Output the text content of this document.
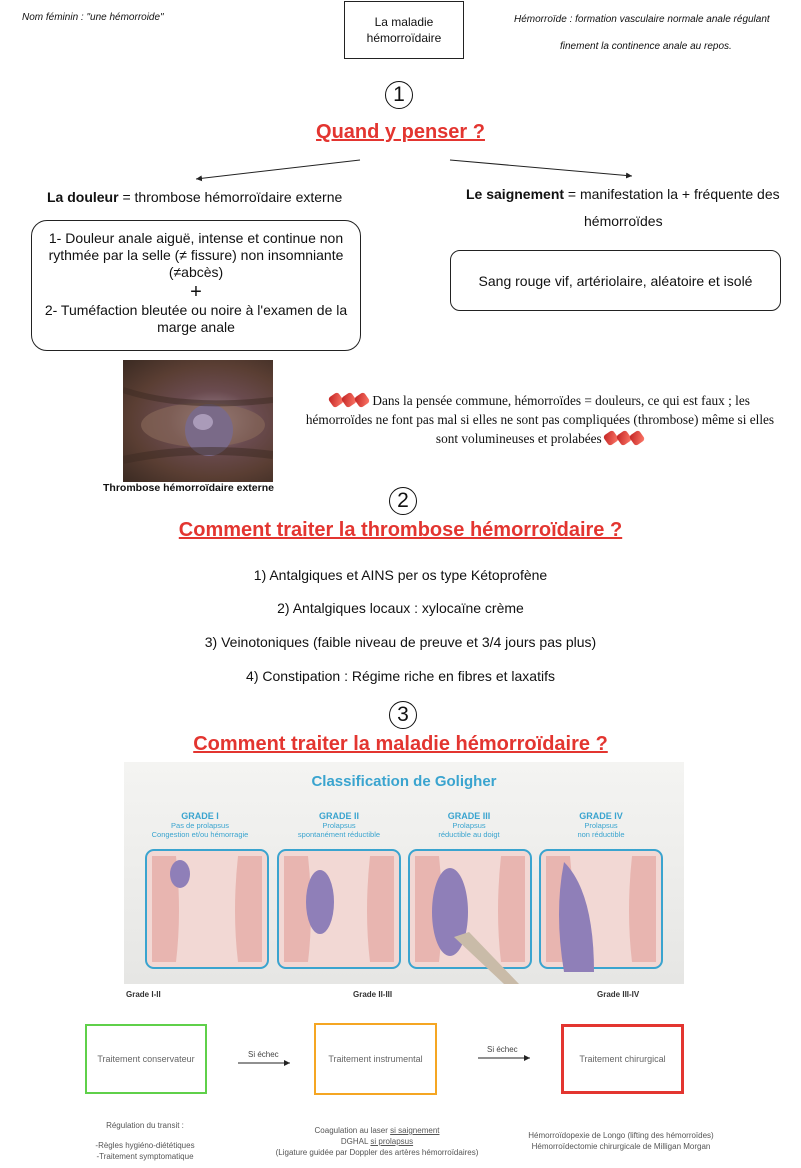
Nom féminin : "une hémorroide"	La maladie
hémorroïdaire
Hémorroïde : formation vasculaire normale anale régulant
finement la continence anale au repos.
1
Quand y penser ?
La douleur = thrombose hémorroïdaire externe
1- Douleur anale aiguë, intense et continue non rythmée par la selle (≠ fissure) non insomniante (≠abcès)
+
2- Tuméfaction bleutée ou noire à l'examen de la marge anale
Le saignement = manifestation la + fréquente des
hémorroïdes
Sang rouge vif, artériolaire, aléatoire et isolé
Thrombose hémorroïdaire externe
Dans la pensée commune, hémorroïdes = douleurs, ce qui est faux ; les hémorroïdes ne font pas mal si elles ne sont pas compliquées (thrombose) même si elles sont volumineuses et prolabées
2
Comment traiter la thrombose hémorroïdaire ?
1) Antalgiques et AINS per os type Kétoprofène
2) Antalgiques locaux : xylocaïne crème
3) Veinotoniques (faible niveau de preuve et 3/4 jours pas plus)
4) Constipation : Régime riche en fibres et laxatifs
3
Comment traiter la maladie hémorroïdaire ?
Classification de Goligher
GRADE I
Pas de prolapsus
Congestion et/ou hémorragie
GRADE II
Prolapsus
spontanément réductible
GRADE III
Prolapsus
réductible au doigt
GRADE IV
Prolapsus
non réductible
Grade I-II	Grade II-III	Grade III-IV
Traitement conservateur	Traitement instrumental	Traitement chirurgical
Si échec
Si échec
Régulation du transit :
-Règles hygiéno-diététiques
-Traitement symptomatique
Coagulation au laser si saignement
DGHAL si prolapsus
(Ligature guidée par Doppler des artères hémorroïdaires)
Hémorroïdopexie de Longo (lifting des hémorroïdes)
Hémorroïdectomie chirurgicale de Milligan Morgan
